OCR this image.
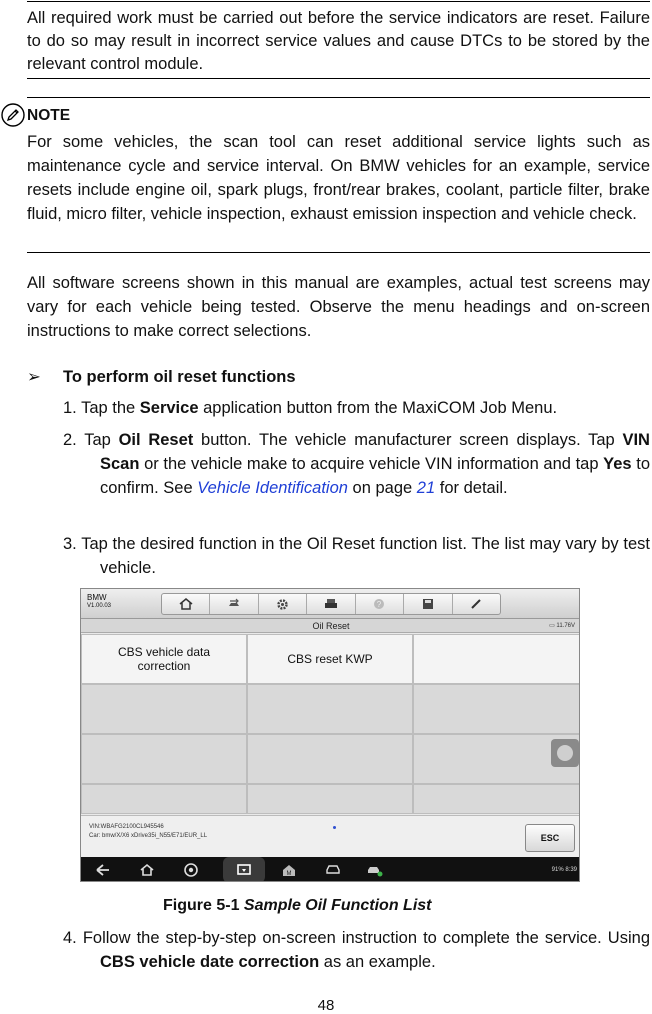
All required work must be carried out before the service indicators are reset. Failure to do so may result in incorrect service values and cause DTCs to be stored by the relevant control module.

NOTE

For some vehicles, the scan tool can reset additional service lights such as maintenance cycle and service interval. On BMW vehicles for an example, service resets include engine oil, spark plugs, front/rear brakes, coolant, particle filter, brake fluid, micro filter, vehicle inspection, exhaust emission inspection and vehicle check.

All software screens shown in this manual are examples, actual test screens may vary for each vehicle being tested. Observe the menu headings and on-screen instructions to make correct selections.

➢ To perform oil reset functions
1. Tap the Service application button from the MaxiCOM Job Menu.
2. Tap Oil Reset button. The vehicle manufacturer screen displays. Tap VIN Scan or the vehicle make to acquire vehicle VIN information and tap Yes to confirm. See Vehicle Identification on page 21 for detail.
3. Tap the desired function in the Oil Reset function list. The list may vary by test vehicle.
BMW
V1.00.03	?
Oil Reset	▭ 11.76V
CBS vehicle data correction	CBS reset KWP
VIN:WBAFG2100CL945546
Car: bmw/X/X6 xDrive35i_N55/E71/EUR_LL	ESC
M
91% 8:39
Figure 5-1 Sample Oil Function List
4. Follow the step-by-step on-screen instruction to complete the service. Using CBS vehicle date correction as an example.
48
